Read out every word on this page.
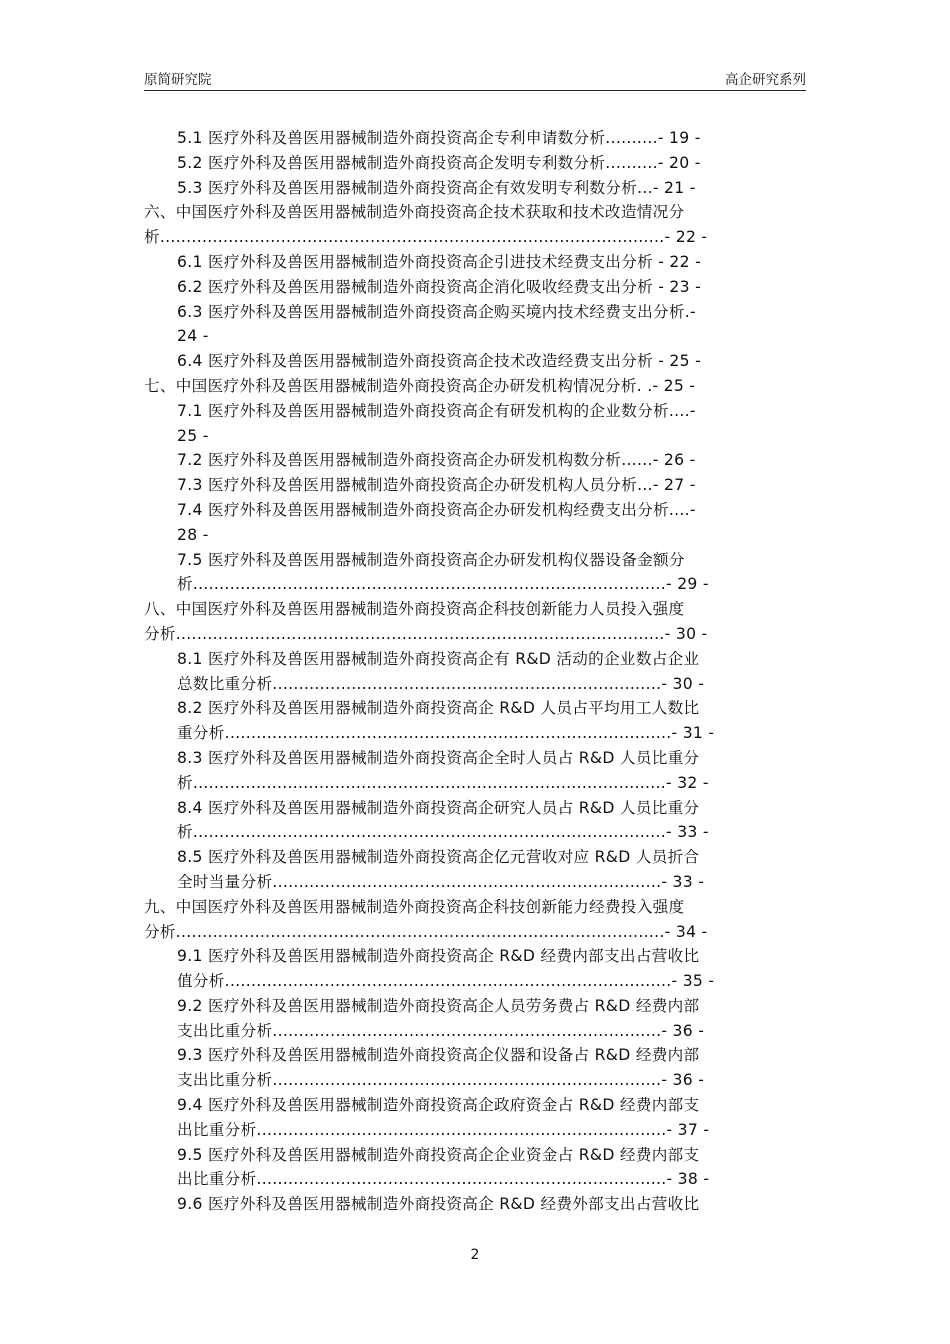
原简研究院	高企研究系列
5.1 医疗外科及兽医用器械制造外商投资高企专利申请数分析..........- 19 -
5.2 医疗外科及兽医用器械制造外商投资高企发明专利数分析..........- 20 -
5.3 医疗外科及兽医用器械制造外商投资高企有效发明专利数分析...- 21 -
六、中国医疗外科及兽医用器械制造外商投资高企技术获取和技术改造情况分
析................................................................................................- 22 -
6.1 医疗外科及兽医用器械制造外商投资高企引进技术经费支出分析 - 22 -
6.2 医疗外科及兽医用器械制造外商投资高企消化吸收经费支出分析 - 23 -
6.3 医疗外科及兽医用器械制造外商投资高企购买境内技术经费支出分析.-
24 -
6.4 医疗外科及兽医用器械制造外商投资高企技术改造经费支出分析 - 25 -
七、中国医疗外科及兽医用器械制造外商投资高企办研发机构情况分析. .- 25 -
7.1 医疗外科及兽医用器械制造外商投资高企有研发机构的企业数分析....-
25 -
7.2 医疗外科及兽医用器械制造外商投资高企办研发机构数分析......- 26 -
7.3 医疗外科及兽医用器械制造外商投资高企办研发机构人员分析...- 27 -
7.4 医疗外科及兽医用器械制造外商投资高企办研发机构经费支出分析....-
28 -
7.5 医疗外科及兽医用器械制造外商投资高企办研发机构仪器设备金额分
析..........................................................................................- 29 -
八、中国医疗外科及兽医用器械制造外商投资高企科技创新能力人员投入强度
分析.............................................................................................- 30 -
8.1 医疗外科及兽医用器械制造外商投资高企有 R&D 活动的企业数占企业
总数比重分析..........................................................................- 30 -
8.2 医疗外科及兽医用器械制造外商投资高企 R&D 人员占平均用工人数比
重分析.....................................................................................- 31 -
8.3 医疗外科及兽医用器械制造外商投资高企全时人员占 R&D 人员比重分
析..........................................................................................- 32 -
8.4 医疗外科及兽医用器械制造外商投资高企研究人员占 R&D 人员比重分
析..........................................................................................- 33 -
8.5 医疗外科及兽医用器械制造外商投资高企亿元营收对应 R&D 人员折合
全时当量分析..........................................................................- 33 -
九、中国医疗外科及兽医用器械制造外商投资高企科技创新能力经费投入强度
分析.............................................................................................- 34 -
9.1 医疗外科及兽医用器械制造外商投资高企 R&D 经费内部支出占营收比
值分析.....................................................................................- 35 -
9.2 医疗外科及兽医用器械制造外商投资高企人员劳务费占 R&D 经费内部
支出比重分析..........................................................................- 36 -
9.3 医疗外科及兽医用器械制造外商投资高企仪器和设备占 R&D 经费内部
支出比重分析..........................................................................- 36 -
9.4 医疗外科及兽医用器械制造外商投资高企政府资金占 R&D 经费内部支
出比重分析..............................................................................- 37 -
9.5 医疗外科及兽医用器械制造外商投资高企企业资金占 R&D 经费内部支
出比重分析..............................................................................- 38 -
9.6 医疗外科及兽医用器械制造外商投资高企 R&D 经费外部支出占营收比
2
